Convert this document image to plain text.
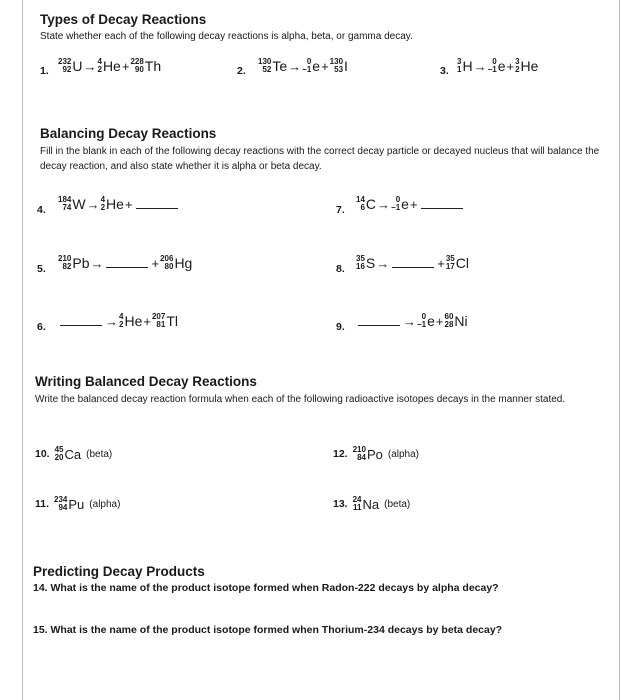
Types of Decay Reactions
State whether each of the following decay reactions is alpha, beta, or gamma decay.
1.
232
92 U → 4
2 He + 228
90 Th	2.
130
52 Te → 0
−1 e + 130
53 I	3.
3
1 H → 0
−1 e + 3
2 He
Balancing Decay Reactions
Fill in the blank in each of the following decay reactions with the correct decay particle or decayed nucleus that will balance the decay reaction, and also state whether it is alpha or beta decay.
4.
184
74 W → 4
2 He +
5.
210
82 Pb →	+ 206
80 Hg
6.	→ 4
2 He + 207
81 Tl
7.
14
6 C → 0
−1 e +
8.
35
16 S →	+ 35
17 Cl
9.	→ 0
−1 e + 60
28 Ni
Writing Balanced Decay Reactions
Write the balanced decay reaction formula when each of the following radioactive isotopes decays in the manner stated.
10. 45
20 Ca (beta)
11. 234
94 Pu (alpha)
12. 210
84 Po (alpha)
13. 24
11 Na (beta)
Predicting Decay Products
14. What is the name of the product isotope formed when Radon-222 decays by alpha decay?
15. What is the name of the product isotope formed when Thorium-234 decays by beta decay?
